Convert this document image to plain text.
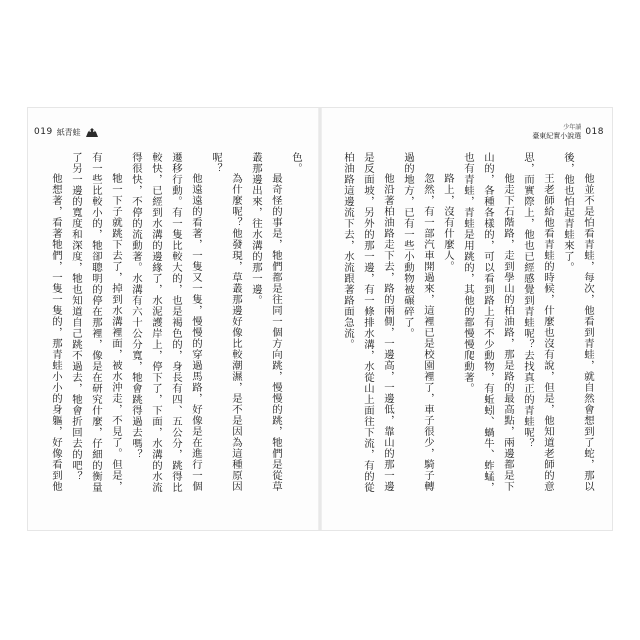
019 紙青蛙

色。

最奇怪的事是，牠們都是往同一個方向跳，慢慢的跳，牠們是從草叢那邊出來，往水溝的那一邊。

為什麼呢？他發現，草叢那邊好像比較潮濕，是不是因為這種原因呢？

他遠遠的看著，一隻又一隻，慢慢的穿過馬路，好像是在進行一個遷移行動。有一隻比較大的，也是褐色的，身長有四、五公分，跳得比較快，已經到水溝的邊緣了，水泥護岸上，停下了，下面，水溝的水流得很快，不停的流動著。水溝有六十公分寬，牠會跳得過去嗎？

牠一下子就跳下去了，掉到水溝裡面，被水沖走，不見了。但是，有一些比較小的，牠卻聰明的停在那裡，像是在研究什麼，仔細的衡量了另一邊的寬度和深度，牠也知道自己跳不過去，牠會折回去的吧？

他想著，看著牠們，一隻一隻的，那青蛙小小的身軀，好像看到他

少年讀
臺東紀實小說選 018

他並不是怕看青蛙，每次，他看到青蛙，就自然會想到了蛇，那以後，他也怕起青蛙來了。

王老師給他看青蛙的時候，什麼也沒有說，但是，他知道老師的意思，而實際上，他也已經感覺到青蛙呢？去找真正的青蛙呢？

他走下石階路，走到學山的柏油路，那是路的最高點，兩邊都是下山的，各種各樣的，可以看到路上有不少動物，有蚯蚓、蝸牛、蚱蜢，也有青蛙，青蛙是用跳的，其他的都慢慢爬動著。

路上，沒有什麼人。

忽然，有一部汽車開過來，這裡已是校園裡了，車子很少，騎子轉過的地方，已有一些小動物被碾碎了。

他沿著柏油路走下去，路的兩側，一邊高，一邊低，靠山的那一邊是反面坡，另外的那一邊，有一條排水溝，水從山上面往下流，有的從柏油路這邊流下去，水流跟著路面急流。
